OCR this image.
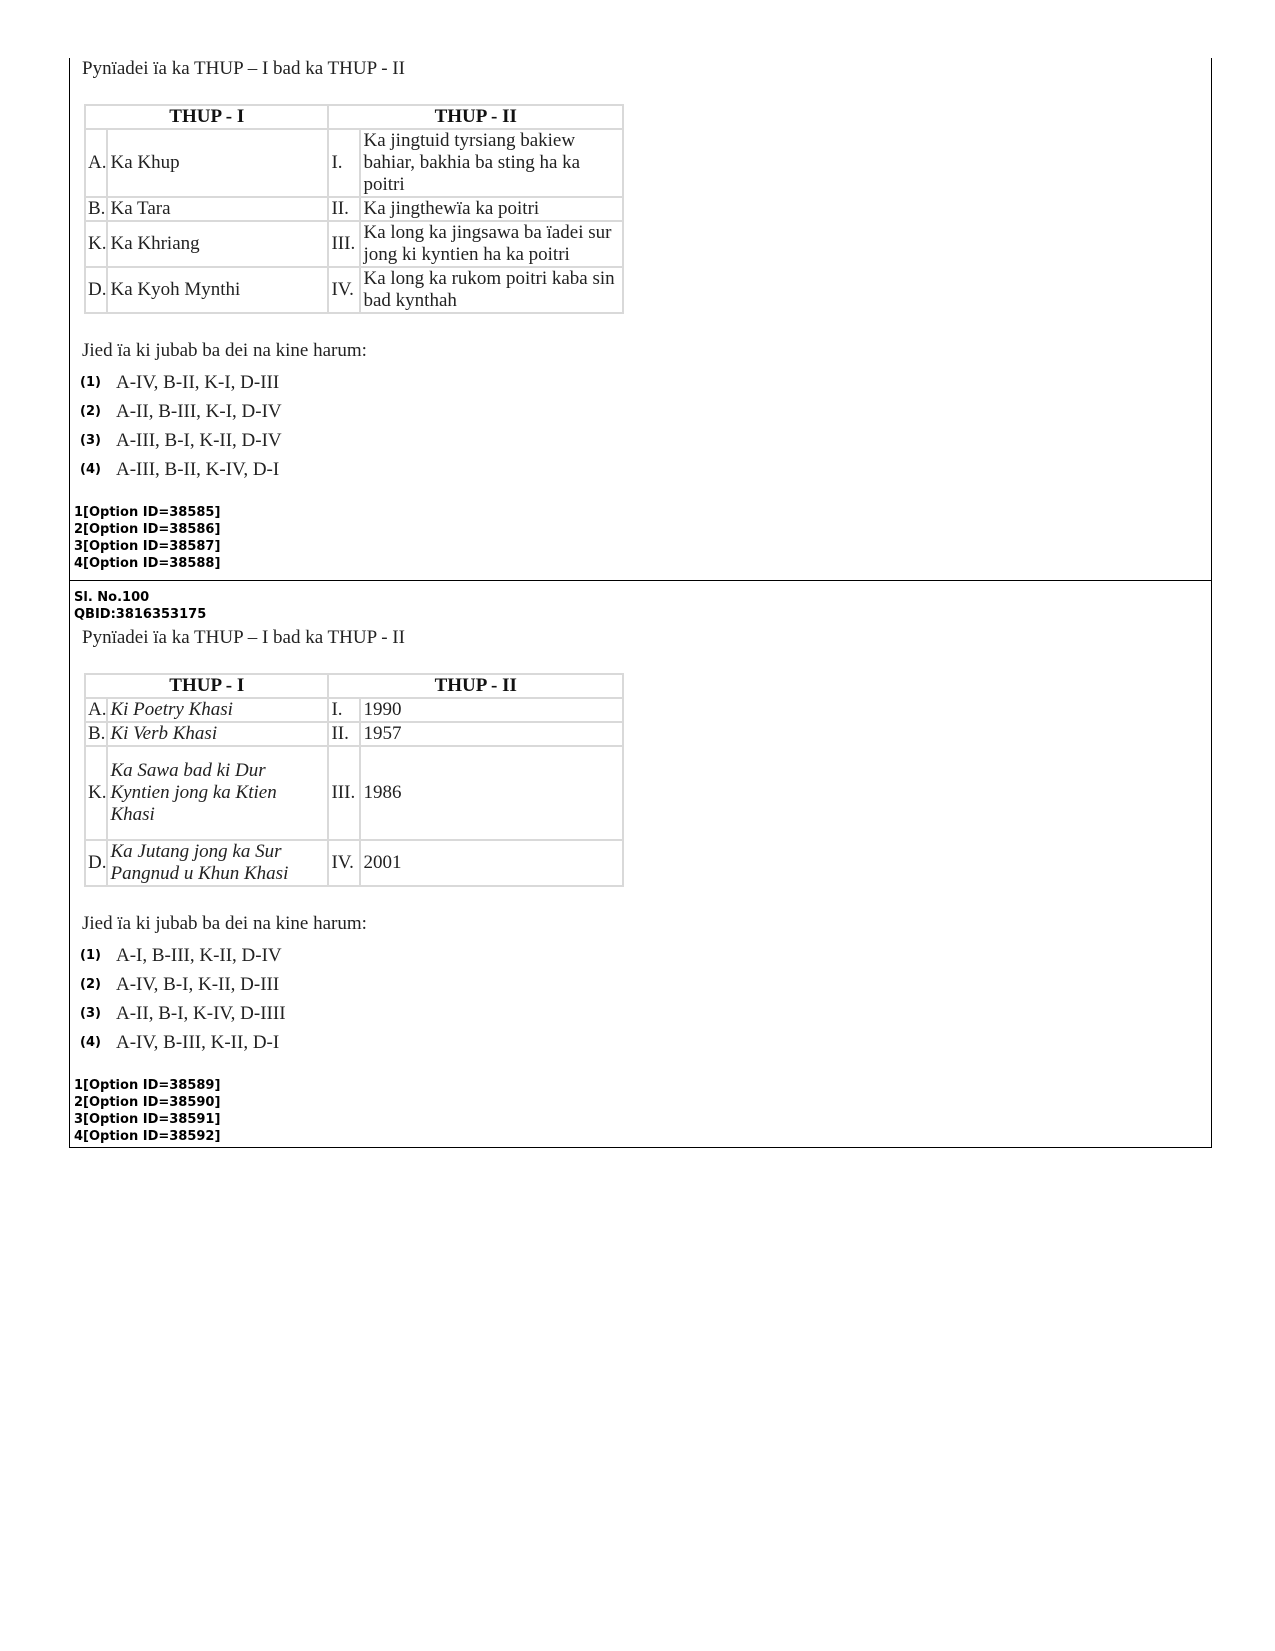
Pynïadei ïa ka THUP – I bad ka THUP - II

THUP - I		THUP - II	
A.	Ka Khup	I.	Ka jingtuid tyrsiang bakiew bahiar, bakhia ba sting ha ka poitri
B.	Ka Tara	II.	Ka jingthewïa ka poitri
K.	Ka Khriang	III.	Ka long ka jingsawa ba ïadei sur jong ki kyntien ha ka poitri
D.	Ka Kyoh Mynthi	IV.	Ka long ka rukom poitri kaba sin bad kynthah

Jied ïa ki jubab ba dei na kine harum:

(1) A-IV, B-II, K-I, D-III
(2) A-II, B-III, K-I, D-IV
(3) A-III, B-I, K-II, D-IV
(4) A-III, B-II, K-IV, D-I
1[Option ID=38585]
2[Option ID=38586]
3[Option ID=38587]
4[Option ID=38588]
Sl. No.100
QBID:3816353175

Pynïadei ïa ka THUP – I bad ka THUP - II

THUP - I		THUP - II	
A.	Ki Poetry Khasi	I.	1990
B.	Ki Verb Khasi	II.	1957
K.	Ka Sawa bad ki Dur Kyntien jong ka Ktien Khasi	III.	1986
D.	Ka Jutang jong ka Sur Pangnud u Khun Khasi	IV.	2001

Jied ïa ki jubab ba dei na kine harum:

(1) A-I, B-III, K-II, D-IV
(2) A-IV, B-I, K-II, D-III
(3) A-II, B-I, K-IV, D-IIII
(4) A-IV, B-III, K-II, D-I
1[Option ID=38589]
2[Option ID=38590]
3[Option ID=38591]
4[Option ID=38592]
